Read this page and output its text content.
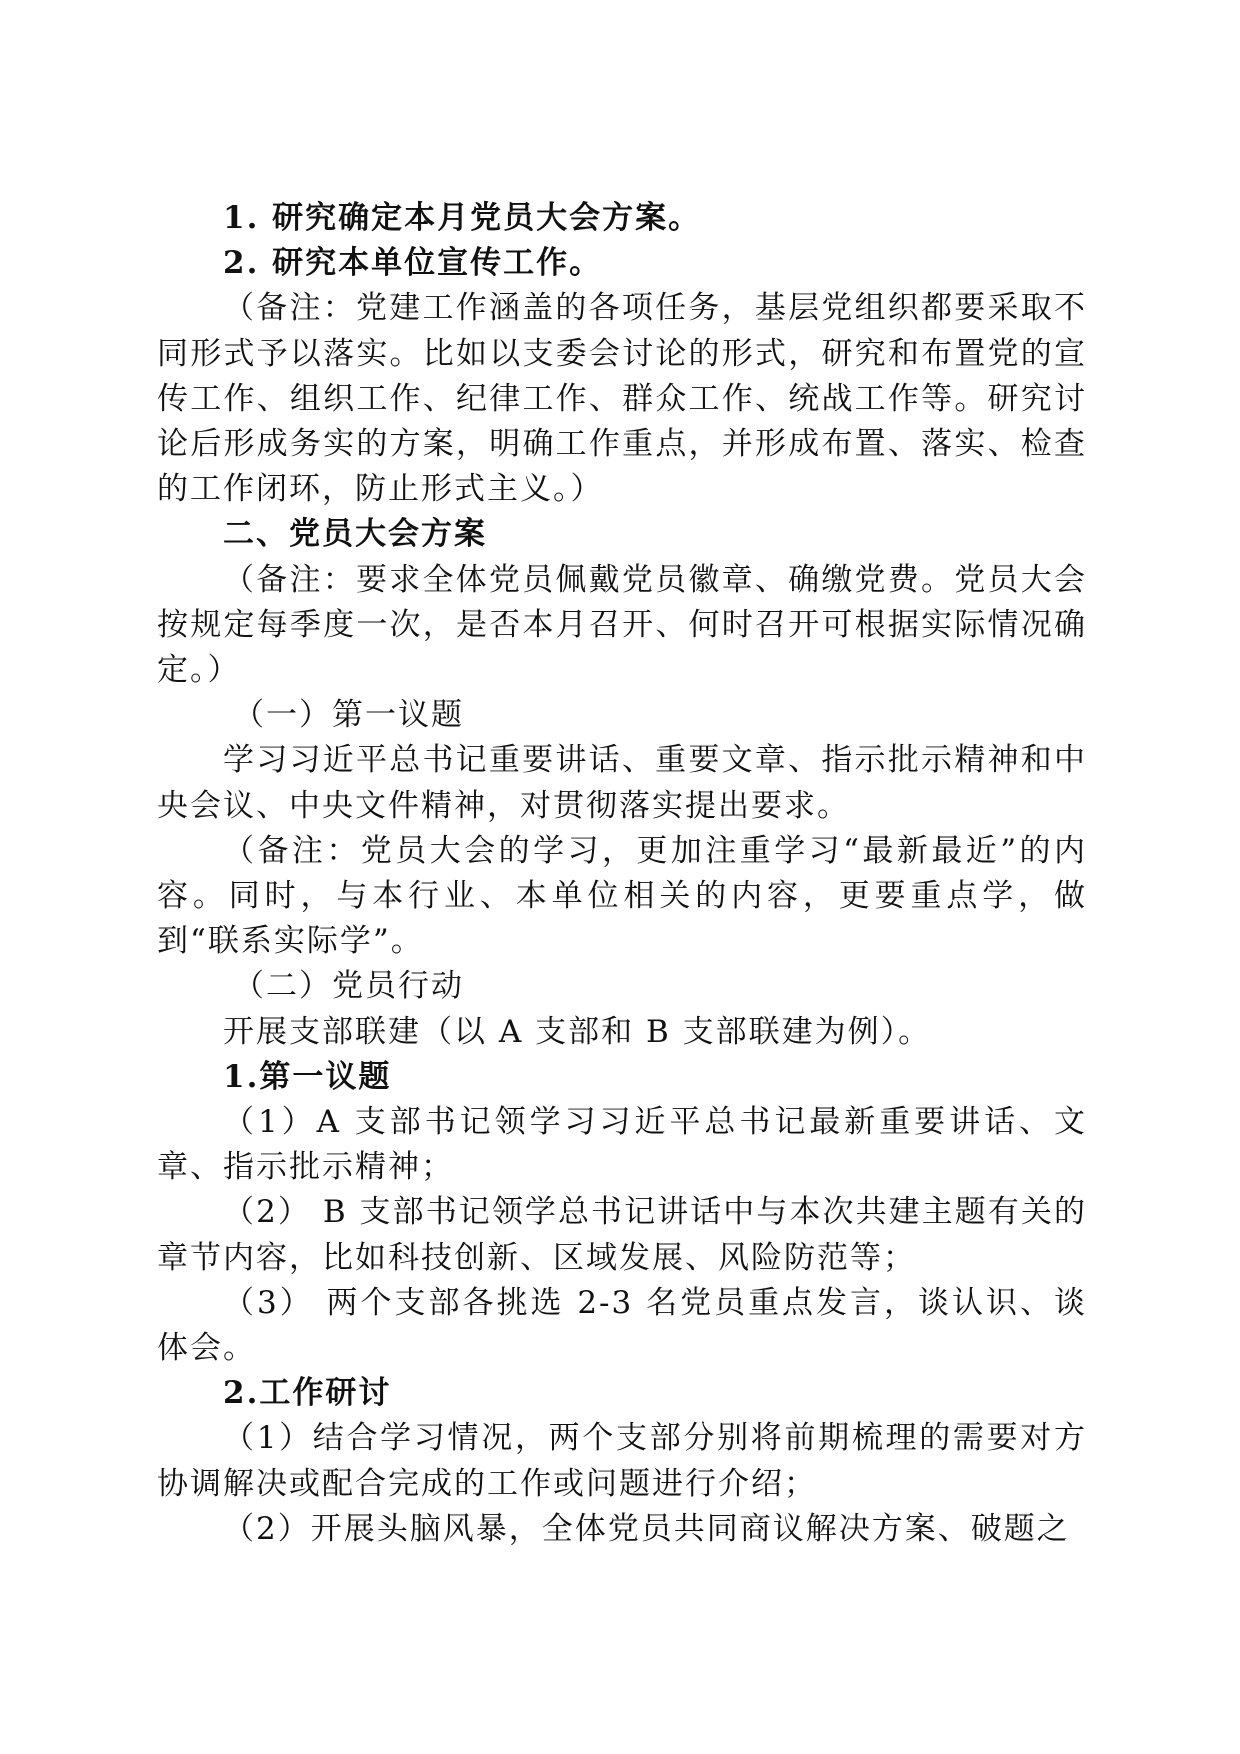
1. 研究确定本月党员大会方案。

2. 研究本单位宣传工作。

（备注：党建工作涵盖的各项任务，基层党组织都要采取不同形式予以落实。比如以支委会讨论的形式，研究和布置党的宣传工作、组织工作、纪律工作、群众工作、统战工作等。研究讨论后形成务实的方案，明确工作重点，并形成布置、落实、检查的工作闭环，防止形式主义。）

二、党员大会方案

（备注：要求全体党员佩戴党员徽章、确缴党费。党员大会按规定每季度一次，是否本月召开、何时召开可根据实际情况确定。）

（一）第一议题

学习习近平总书记重要讲话、重要文章、指示批示精神和中央会议、中央文件精神，对贯彻落实提出要求。

（备注：党员大会的学习，更加注重学习“最新最近”的内容。同时，与本行业、本单位相关的内容，更要重点学，做到“联系实际学”。

（二）党员行动

开展支部联建（以 A 支部和 B 支部联建为例）。

1.第一议题

（1）A 支部书记领学习习近平总书记最新重要讲话、文章、指示批示精神；

（2） B 支部书记领学总书记讲话中与本次共建主题有关的章节内容，比如科技创新、区域发展、风险防范等；

（3） 两个支部各挑选 2-3 名党员重点发言，谈认识、谈体会。

2.工作研讨

（1）结合学习情况，两个支部分别将前期梳理的需要对方协调解决或配合完成的工作或问题进行介绍；

（2）开展头脑风暴，全体党员共同商议解决方案、破题之
